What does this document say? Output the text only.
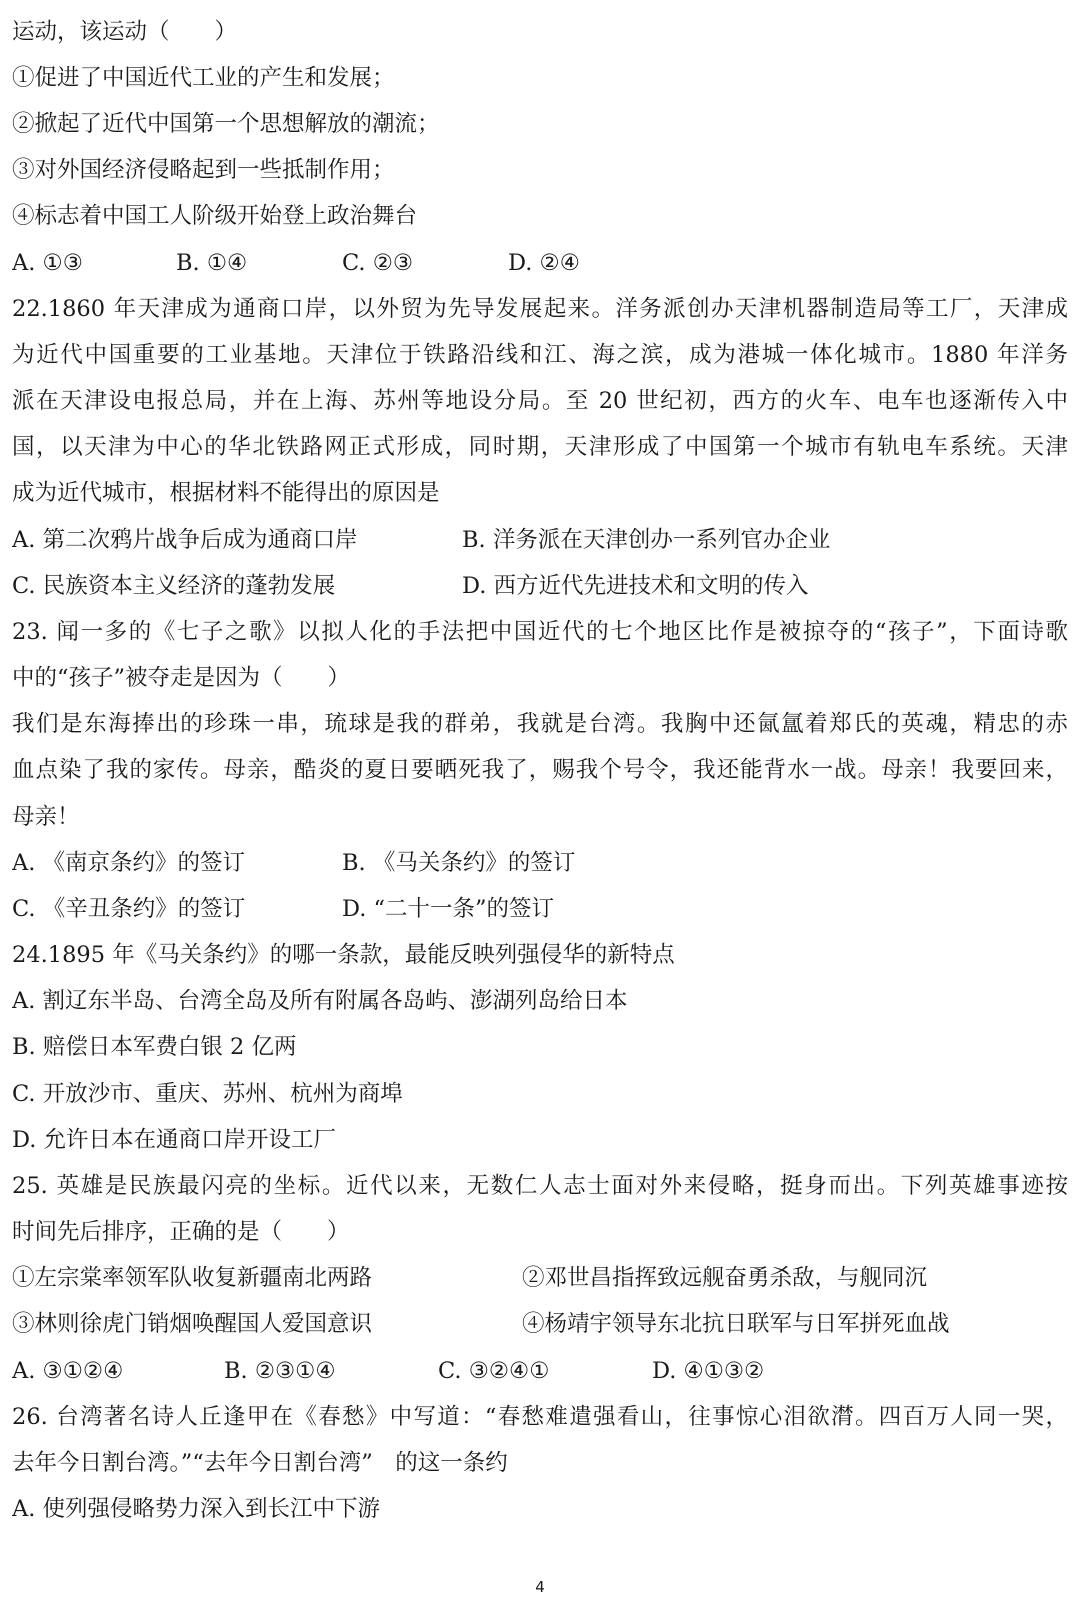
运动，该运动（　　）
①促进了中国近代工业的产生和发展；
②掀起了近代中国第一个思想解放的潮流；
③对外国经济侵略起到一些抵制作用；
④标志着中国工人阶级开始登上政治舞台
A. ①③	B. ①④	C. ②③	D. ②④
22.1860 年天津成为通商口岸，以外贸为先导发展起来。洋务派创办天津机器制造局等工厂，天津成
为近代中国重要的工业基地。天津位于铁路沿线和江、海之滨，成为港城一体化城市。1880 年洋务
派在天津设电报总局，并在上海、苏州等地设分局。至 20 世纪初，西方的火车、电车也逐渐传入中
国，以天津为中心的华北铁路网正式形成，同时期，天津形成了中国第一个城市有轨电车系统。天津
成为近代城市，根据材料不能得出的原因是
A. 第二次鸦片战争后成为通商口岸	B. 洋务派在天津创办一系列官办企业
C. 民族资本主义经济的蓬勃发展	D. 西方近代先进技术和文明的传入
23. 闻一多的《七子之歌》以拟人化的手法把中国近代的七个地区比作是被掠夺的“孩子”，下面诗歌
中的“孩子”被夺走是因为（　　）
我们是东海捧出的珍珠一串，琉球是我的群弟，我就是台湾。我胸中还氤氲着郑氏的英魂，精忠的赤
血点染了我的家传。母亲，酷炎的夏日要晒死我了，赐我个号令，我还能背水一战。母亲！我要回来，
母亲！
A. 《南京条约》的签订	B. 《马关条约》的签订
C. 《辛丑条约》的签订	D. “二十一条”的签订
24.1895 年《马关条约》的哪一条款，最能反映列强侵华的新特点
A. 割辽东半岛、台湾全岛及所有附属各岛屿、澎湖列岛给日本
B. 赔偿日本军费白银 2 亿两
C. 开放沙市、重庆、苏州、杭州为商埠
D. 允许日本在通商口岸开设工厂
25. 英雄是民族最闪亮的坐标。近代以来，无数仁人志士面对外来侵略，挺身而出。下列英雄事迹按
时间先后排序，正确的是（　　）
①左宗棠率领军队收复新疆南北两路	②邓世昌指挥致远舰奋勇杀敌，与舰同沉
③林则徐虎门销烟唤醒国人爱国意识	④杨靖宇领导东北抗日联军与日军拼死血战
A. ③①②④	B. ②③①④	C. ③②④①	D. ④①③②
26. 台湾著名诗人丘逢甲在《春愁》中写道：“春愁难遣强看山，往事惊心泪欲潸。四百万人同一哭，
去年今日割台湾。”“去年今日割台湾”　的这一条约
A. 使列强侵略势力深入到长江中下游
4
